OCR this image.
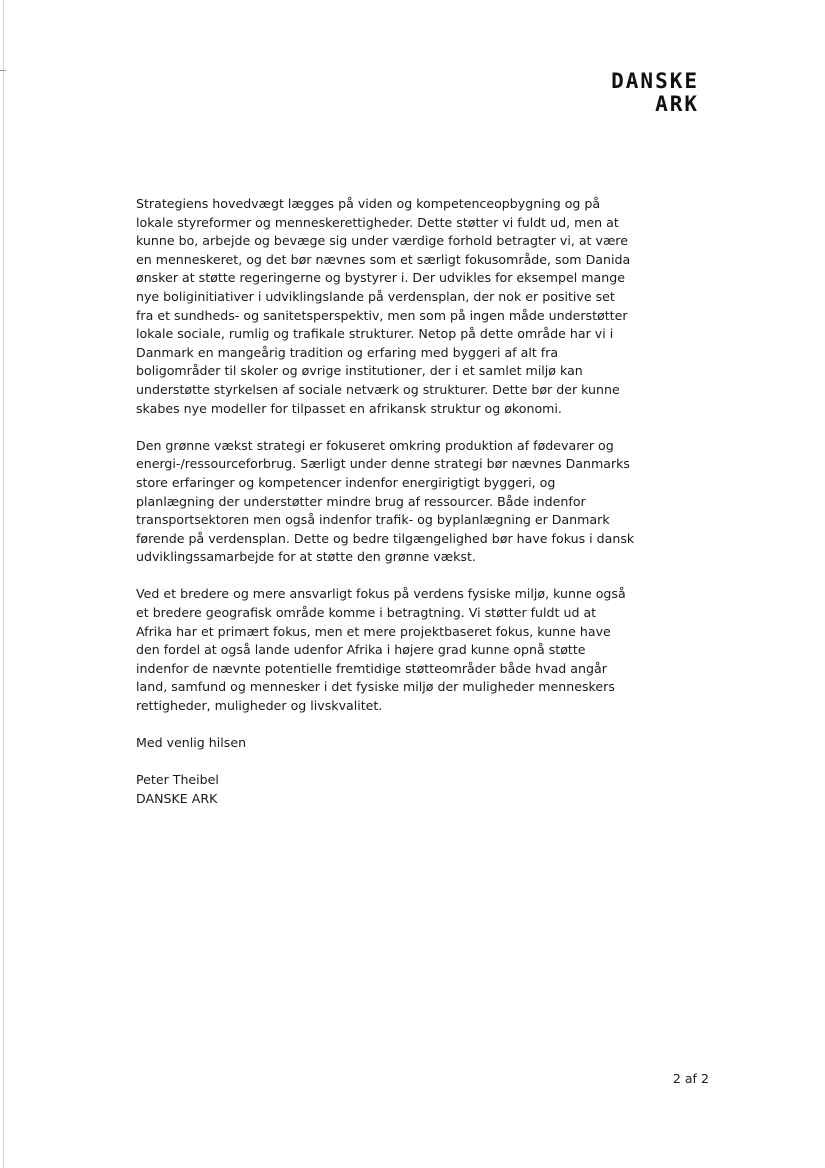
DANSKE
ARK

Strategiens hovedvægt lægges på viden og kompetenceopbygning og på lokale styreformer og menneskerettigheder. Dette støtter vi fuldt ud, men at kunne bo, arbejde og bevæge sig under værdige forhold betragter vi, at være en menneskeret, og det bør nævnes som et særligt fokusområde, som Danida ønsker at støtte regeringerne og bystyrer i. Der udvikles for eksempel mange nye boliginitiativer i udviklingslande på verdensplan, der nok er positive set fra et sundheds- og sanitetsperspektiv, men som på ingen måde understøtter lokale sociale, rumlig og trafikale strukturer. Netop på dette område har vi i Danmark en mangeårig tradition og erfaring med byggeri af alt fra boligområder til skoler og øvrige institutioner, der i et samlet miljø kan understøtte styrkelsen af sociale netværk og strukturer. Dette bør der kunne skabes nye modeller for tilpasset en afrikansk struktur og økonomi.

Den grønne vækst strategi er fokuseret omkring produktion af fødevarer og energi-/ressourceforbrug. Særligt under denne strategi bør nævnes Danmarks store erfaringer og kompetencer indenfor energirigtigt byggeri, og planlægning der understøtter mindre brug af ressourcer. Både indenfor transportsektoren men også indenfor trafik- og byplanlægning er Danmark førende på verdensplan. Dette og bedre tilgængelighed bør have fokus i dansk udviklingssamarbejde for at støtte den grønne vækst.

Ved et bredere og mere ansvarligt fokus på verdens fysiske miljø, kunne også et bredere geografisk område komme i betragtning. Vi støtter fuldt ud at Afrika har et primært fokus, men et mere projektbaseret fokus, kunne have den fordel at også lande udenfor Afrika i højere grad kunne opnå støtte indenfor de nævnte potentielle fremtidige støtteområder både hvad angår land, samfund og mennesker i det fysiske miljø der muligheder menneskers rettigheder, muligheder og livskvalitet.

Med venlig hilsen

Peter Theibel
DANSKE ARK
2 af 2
